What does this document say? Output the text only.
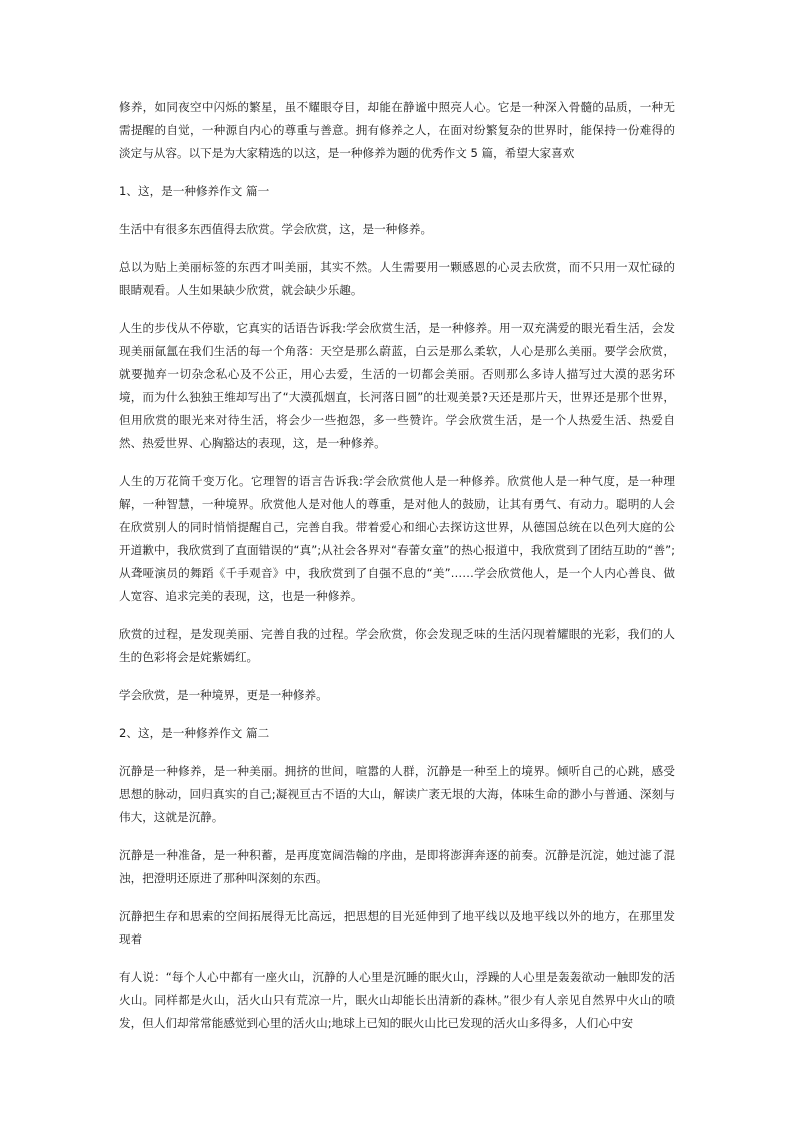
修养，如同夜空中闪烁的繁星，虽不耀眼夺目，却能在静谧中照亮人心。它是一种深入骨髓的品质，一种无需提醒的自觉，一种源自内心的尊重与善意。拥有修养之人，在面对纷繁复杂的世界时，能保持一份难得的淡定与从容。以下是为大家精选的以这，是一种修养为题的优秀作文 5 篇，希望大家喜欢

1、这，是一种修养作文 篇一

生活中有很多东西值得去欣赏。学会欣赏，这，是一种修养。

总以为贴上美丽标签的东西才叫美丽，其实不然。人生需要用一颗感恩的心灵去欣赏，而不只用一双忙碌的眼睛观看。人生如果缺少欣赏，就会缺少乐趣。

人生的步伐从不停歇，它真实的话语告诉我:学会欣赏生活，是一种修养。用一双充满爱的眼光看生活，会发现美丽氤氲在我们生活的每一个角落：天空是那么蔚蓝，白云是那么柔软，人心是那么美丽。要学会欣赏，就要抛弃一切杂念私心及不公正，用心去爱，生活的一切都会美丽。否则那么多诗人描写过大漠的恶劣环境，而为什么独独王维却写出了“大漠孤烟直，长河落日圆”的壮观美景?天还是那片天，世界还是那个世界，但用欣赏的眼光来对待生活，将会少一些抱怨，多一些赞许。学会欣赏生活，是一个人热爱生活、热爱自然、热爱世界、心胸豁达的表现，这，是一种修养。

人生的万花筒千变万化。它理智的语言告诉我:学会欣赏他人是一种修养。欣赏他人是一种气度，是一种理解，一种智慧，一种境界。欣赏他人是对他人的尊重，是对他人的鼓励，让其有勇气、有动力。聪明的人会在欣赏别人的同时悄悄提醒自己，完善自我。带着爱心和细心去探访这世界，从德国总统在以色列大庭的公开道歉中，我欣赏到了直面错误的“真”;从社会各界对“春蕾女童”的热心报道中，我欣赏到了团结互助的“善”;从聋哑演员的舞蹈《千手观音》中，我欣赏到了自强不息的“美”……学会欣赏他人，是一个人内心善良、做人宽容、追求完美的表现，这，也是一种修养。

欣赏的过程，是发现美丽、完善自我的过程。学会欣赏，你会发现乏味的生活闪现着耀眼的光彩，我们的人生的色彩将会是姹紫嫣红。

学会欣赏，是一种境界，更是一种修养。

2、这，是一种修养作文 篇二

沉静是一种修养，是一种美丽。拥挤的世间，喧嚣的人群，沉静是一种至上的境界。倾听自己的心跳，感受思想的脉动，回归真实的自己;凝视亘古不语的大山，解读广袤无垠的大海，体味生命的渺小与普通、深刻与伟大，这就是沉静。

沉静是一种准备，是一种积蓄，是再度宽阔浩翰的序曲，是即将澎湃奔逐的前奏。沉静是沉淀，她过滤了混浊，把澄明还原进了那种叫深刻的东西。

沉静把生存和思索的空间拓展得无比高远，把思想的目光延伸到了地平线以及地平线以外的地方，在那里发现着

有人说：“每个人心中都有一座火山，沉静的人心里是沉睡的眠火山，浮躁的人心里是轰轰欲动一触即发的活火山。同样都是火山，活火山只有荒凉一片，眠火山却能长出清新的森林。”很少有人亲见自然界中火山的喷发，但人们却常常能感觉到心里的活火山;地球上已知的眠火山比已发现的活火山多得多，人们心中安
